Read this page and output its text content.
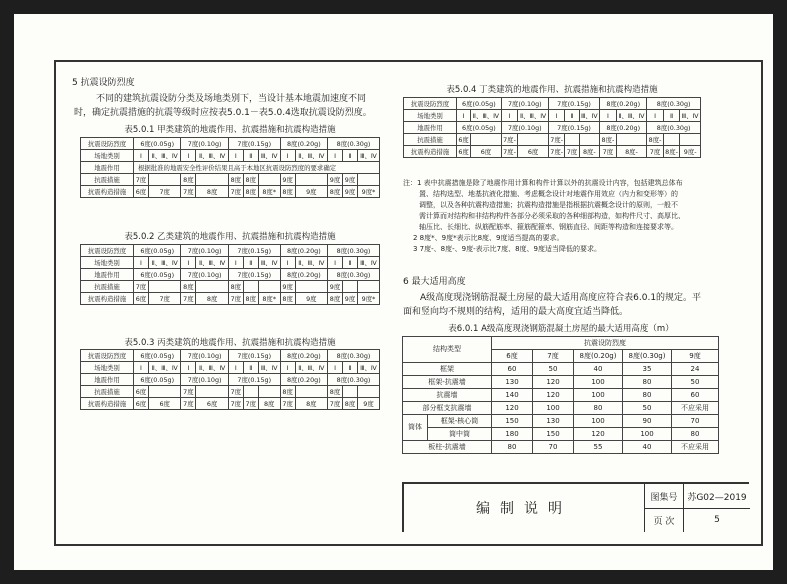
5 抗震设防烈度
不同的建筑抗震设防分类及场地类别下，当设计基本地震加速度不同
时，确定抗震措施的抗震等级时应按表5.0.1－表5.0.4选取抗震设防烈度。
表5.0.1 甲类建筑的地震作用、抗震措施和抗震构造措施
抗震设防烈度	6度(0.05g)		7度(0.10g)		7度(0.15g)			8度(0.20g)		8度(0.30g)		
场地类别	Ⅰ	Ⅱ、Ⅲ、Ⅳ	Ⅰ	Ⅱ、Ⅲ、Ⅳ	Ⅰ	Ⅱ	Ⅲ、Ⅳ	Ⅰ	Ⅱ、Ⅲ、Ⅳ	Ⅰ	Ⅱ	Ⅲ、Ⅳ
地震作用	根据批准的地震安全性评价结果且高于本地区抗震设防烈度的要求确定											
抗震措施	7度		8度		8度	8度		9度		9度	9度	
抗震构造措施	6度	7度	7度	8度	7度	8度	8度*	8度	9度	8度	9度	9度*
表5.0.2 乙类建筑的地震作用、抗震措施和抗震构造措施
抗震设防烈度	6度(0.05g)		7度(0.10g)		7度(0.15g)			8度(0.20g)		8度(0.30g)		
场地类别	Ⅰ	Ⅱ、Ⅲ、Ⅳ	Ⅰ	Ⅱ、Ⅲ、Ⅳ	Ⅰ	Ⅱ	Ⅲ、Ⅳ	Ⅰ	Ⅱ、Ⅲ、Ⅳ	Ⅰ	Ⅱ	Ⅲ、Ⅳ
地震作用	6度(0.05g)		7度(0.10g)		7度(0.15g)			8度(0.20g)		8度(0.30g)		
抗震措施	7度		8度		8度			9度		9度		
抗震构造措施	6度	7度	7度	8度	7度	8度	8度*	8度	9度	8度	9度	9度*
表5.0.3 丙类建筑的地震作用、抗震措施和抗震构造措施
抗震设防烈度	6度(0.05g)		7度(0.10g)		7度(0.15g)			8度(0.20g)		8度(0.30g)		
场地类别	Ⅰ	Ⅱ、Ⅲ、Ⅳ	Ⅰ	Ⅱ、Ⅲ、Ⅳ	Ⅰ	Ⅱ	Ⅲ、Ⅳ	Ⅰ	Ⅱ、Ⅲ、Ⅳ	Ⅰ	Ⅱ	Ⅲ、Ⅳ
地震作用	6度(0.05g)		7度(0.10g)		7度(0.15g)			8度(0.20g)		8度(0.30g)		
抗震措施	6度		7度		7度			8度		8度		
抗震构造措施	6度	6度	7度	6度	7度	7度	8度	7度	8度	7度	8度	9度
表5.0.4 丁类建筑的地震作用、抗震措施和抗震构造措施
抗震设防烈度	6度(0.05g)		7度(0.10g)		7度(0.15g)			8度(0.20g)		8度(0.30g)		
场地类别	Ⅰ	Ⅱ、Ⅲ、Ⅳ	Ⅰ	Ⅱ、Ⅲ、Ⅳ	Ⅰ	Ⅱ	Ⅲ、Ⅳ	Ⅰ	Ⅱ、Ⅲ、Ⅳ	Ⅰ	Ⅱ	Ⅲ、Ⅳ
地震作用	6度(0.05g)		7度(0.10g)		7度(0.15g)			8度(0.20g)		8度(0.30g)		
抗震措施	6度		7度-		7度-			8度-		8度-		
抗震构造措施	6度	6度	7度-	6度	7度-	7度	8度-	7度	8度-	7度	8度-	9度-
注：1 表中抗震措施是除了地震作用计算和构件计算以外的抗震设计内容，包括建筑总体布
置、结构选型、地基抗液化措施、考虑概念设计对地震作用效应（内力和变形等）的
调整，以及各种抗震构造措施；抗震构造措施是指根据抗震概念设计的原则，一般不
需计算而对结构和非结构构件各部分必须采取的各种细部构造，如构件尺寸、高厚比、
轴压比、长细比、纵筋配筋率、箍筋配箍率、钢筋直径、间距等构造和连接要求等。
2 8度*、9度*表示比8度、9度适当提高的要求。
3 7度-、8度-、9度-表示比7度、8度、9度适当降低的要求。
6 最大适用高度
A级高度现浇钢筋混凝土房屋的最大适用高度应符合表6.0.1的规定。平
面和竖向均不规则的结构，适用的最大高度宜适当降低。
表6.0.1 A级高度现浇钢筋混凝土房屋的最大适用高度（m）
结构类型		抗震设防烈度				
		6度	7度	8度(0.20g)	8度(0.30g)	9度
框架		60	50	40	35	24
框架-抗震墙		130	120	100	80	50
抗震墙		140	120	100	80	60
部分框支抗震墙		120	100	80	50	不应采用
筒体	框架-核心筒	150	130	100	90	70
	筒中筒	180	150	120	100	80
板柱-抗震墙		80	70	55	40	不应采用
编制说明
图集号	苏G02—2019
页 次	5
